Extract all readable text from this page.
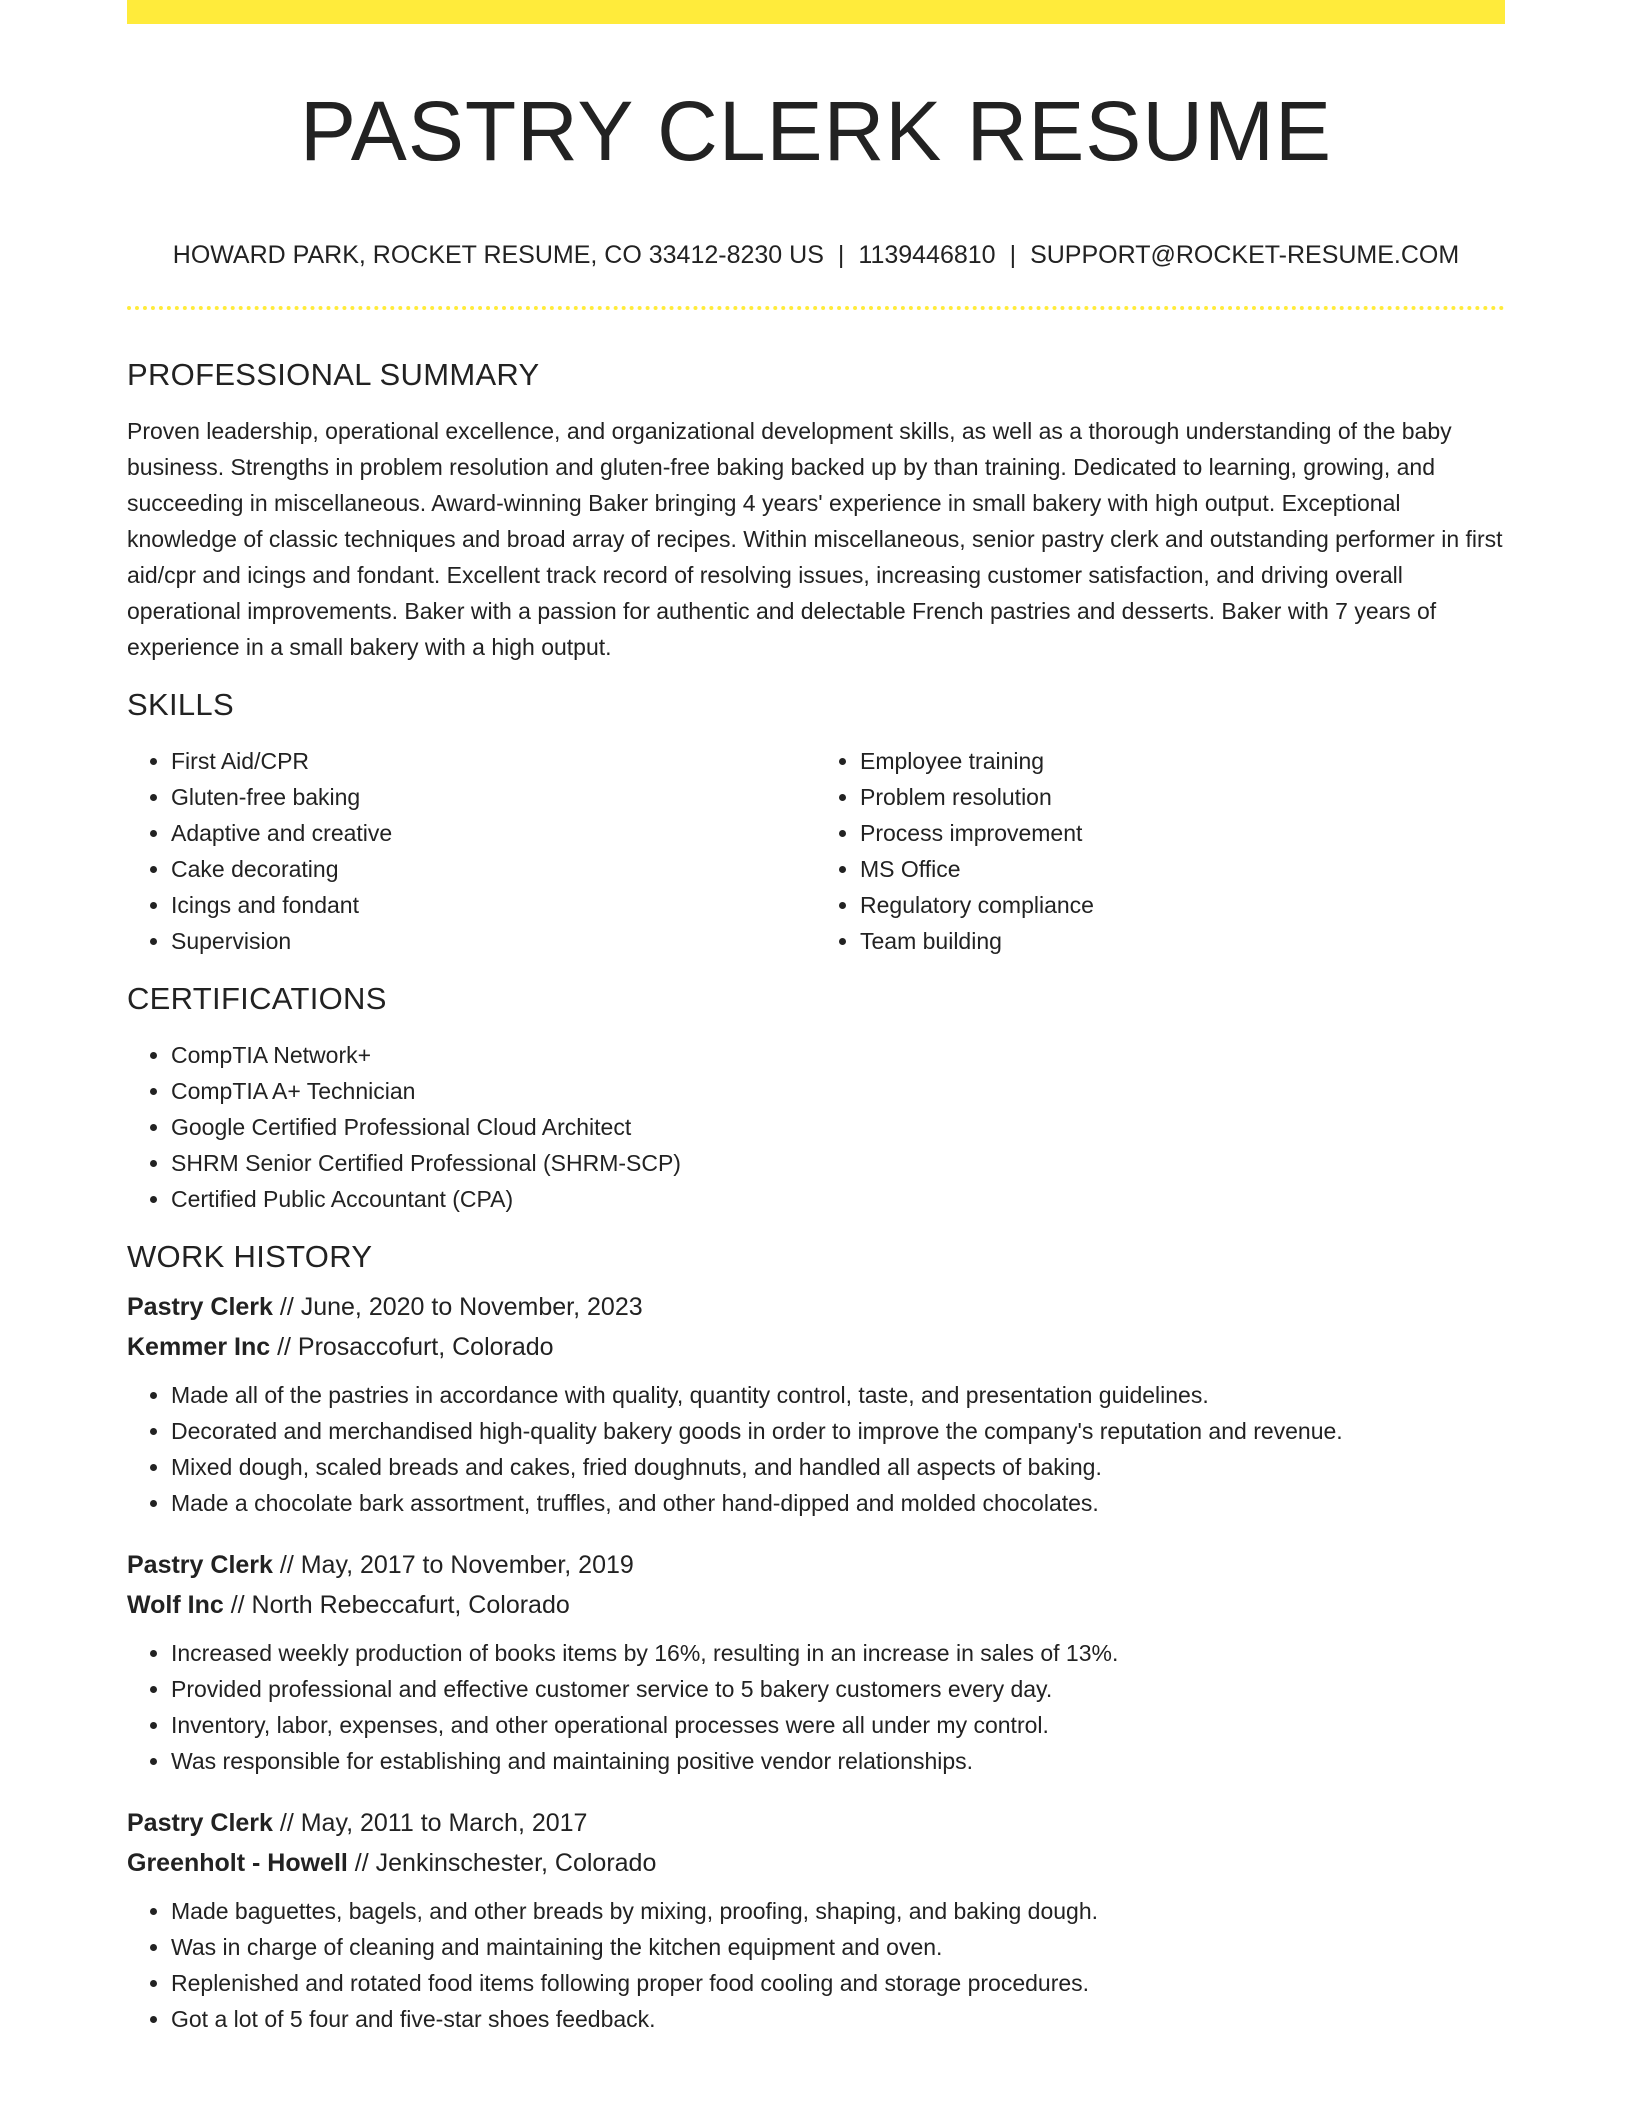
PASTRY CLERK RESUME
HOWARD PARK, ROCKET RESUME, CO 33412-8230 US | 1139446810 | SUPPORT@ROCKET-RESUME.COM
PROFESSIONAL SUMMARY

Proven leadership, operational excellence, and organizational development skills, as well as a thorough understanding of the baby business. Strengths in problem resolution and gluten-free baking backed up by than training. Dedicated to learning, growing, and succeeding in miscellaneous. Award-winning Baker bringing 4 years' experience in small bakery with high output. Exceptional knowledge of classic techniques and broad array of recipes. Within miscellaneous, senior pastry clerk and outstanding performer in first aid/cpr and icings and fondant. Excellent track record of resolving issues, increasing customer satisfaction, and driving overall operational improvements. Baker with a passion for authentic and delectable French pastries and desserts. Baker with 7 years of experience in a small bakery with a high output.

SKILLS
• First Aid/CPR
• Gluten-free baking
• Adaptive and creative
• Cake decorating
• Icings and fondant
• Supervision
• Employee training
• Problem resolution
• Process improvement
• MS Office
• Regulatory compliance
• Team building
CERTIFICATIONS
• CompTIA Network+
• CompTIA A+ Technician
• Google Certified Professional Cloud Architect
• SHRM Senior Certified Professional (SHRM-SCP)
• Certified Public Accountant (CPA)
WORK HISTORY
Pastry Clerk // June, 2020 to November, 2023
Kemmer Inc // Prosaccofurt, Colorado
• Made all of the pastries in accordance with quality, quantity control, taste, and presentation guidelines.
• Decorated and merchandised high-quality bakery goods in order to improve the company's reputation and revenue.
• Mixed dough, scaled breads and cakes, fried doughnuts, and handled all aspects of baking.
• Made a chocolate bark assortment, truffles, and other hand-dipped and molded chocolates.
Pastry Clerk // May, 2017 to November, 2019
Wolf Inc // North Rebeccafurt, Colorado
• Increased weekly production of books items by 16%, resulting in an increase in sales of 13%.
• Provided professional and effective customer service to 5 bakery customers every day.
• Inventory, labor, expenses, and other operational processes were all under my control.
• Was responsible for establishing and maintaining positive vendor relationships.
Pastry Clerk // May, 2011 to March, 2017
Greenholt - Howell // Jenkinschester, Colorado
• Made baguettes, bagels, and other breads by mixing, proofing, shaping, and baking dough.
• Was in charge of cleaning and maintaining the kitchen equipment and oven.
• Replenished and rotated food items following proper food cooling and storage procedures.
• Got a lot of 5 four and five-star shoes feedback.
